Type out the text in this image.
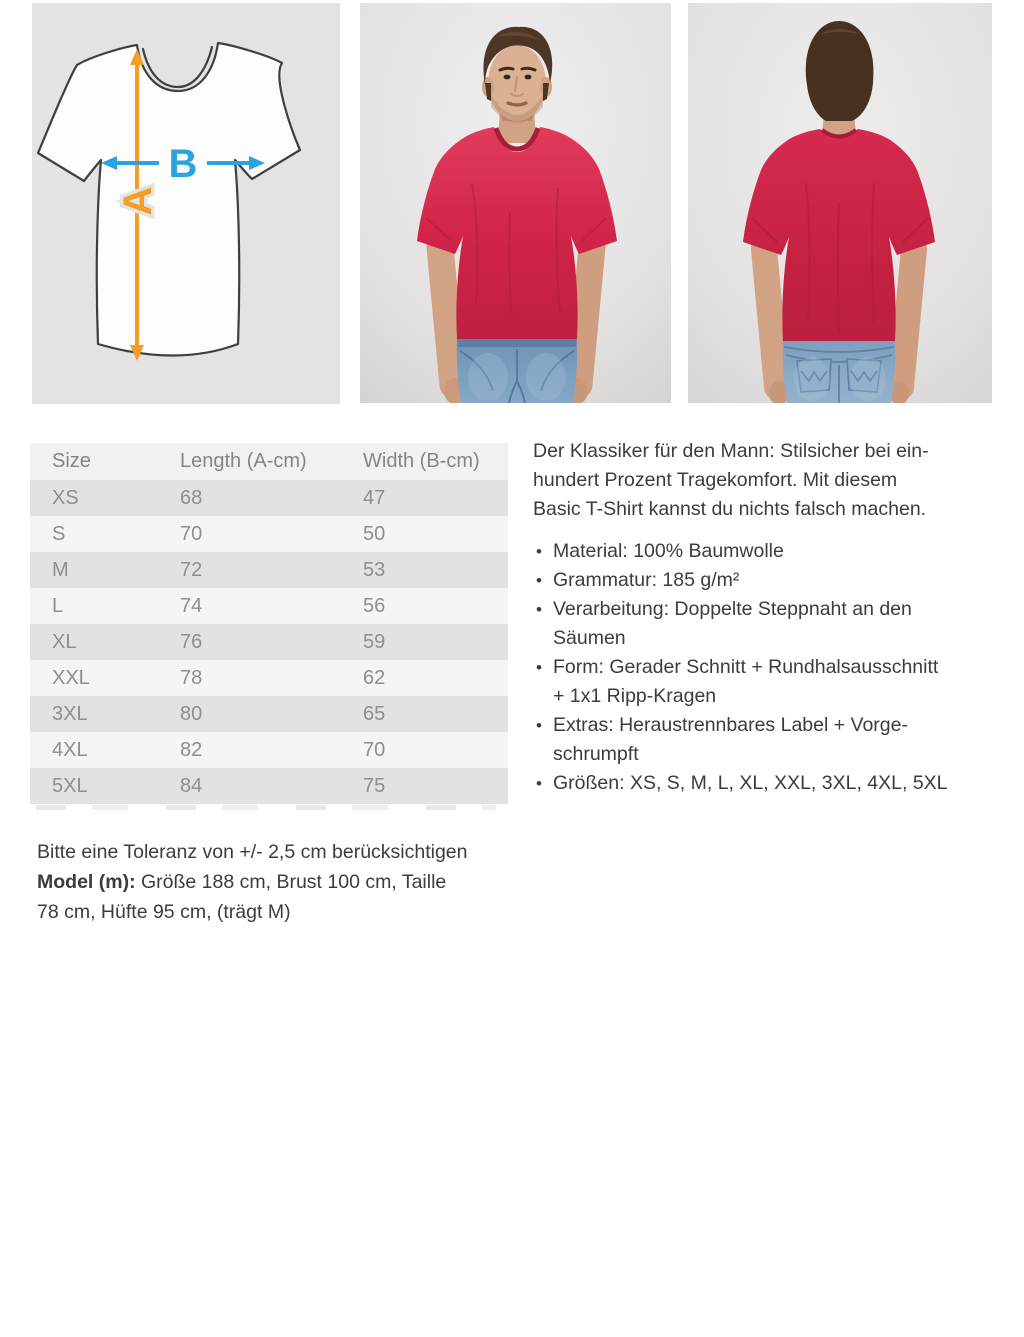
A
B
Size	Length (A-cm)	Width (B-cm)
XS	68	47
S	70	50
M	72	53
L	74	56
XL	76	59
XXL	78	62
3XL	80	65
4XL	82	70
5XL	84	75
Der Klassiker für den Mann: Stilsicher bei ein-
hundert Prozent Tragekomfort. Mit diesem
Basic T-Shirt kannst du nichts falsch machen.
• Material: 100% Baumwolle
• Grammatur: 185 g/m²
• Verarbeitung: Doppelte Steppnaht an den
Säumen
• Form: Gerader Schnitt + Rundhalsausschnitt
+ 1x1 Ripp-Kragen
• Extras: Heraustrennbares Label + Vorge-
schrumpft
• Größen: XS, S, M, L, XL, XXL, 3XL, 4XL, 5XL
Bitte eine Toleranz von +/- 2,5 cm berücksichtigen
Model (m): Größe 188 cm, Brust 100 cm, Taille
78 cm, Hüfte 95 cm, (trägt M)
